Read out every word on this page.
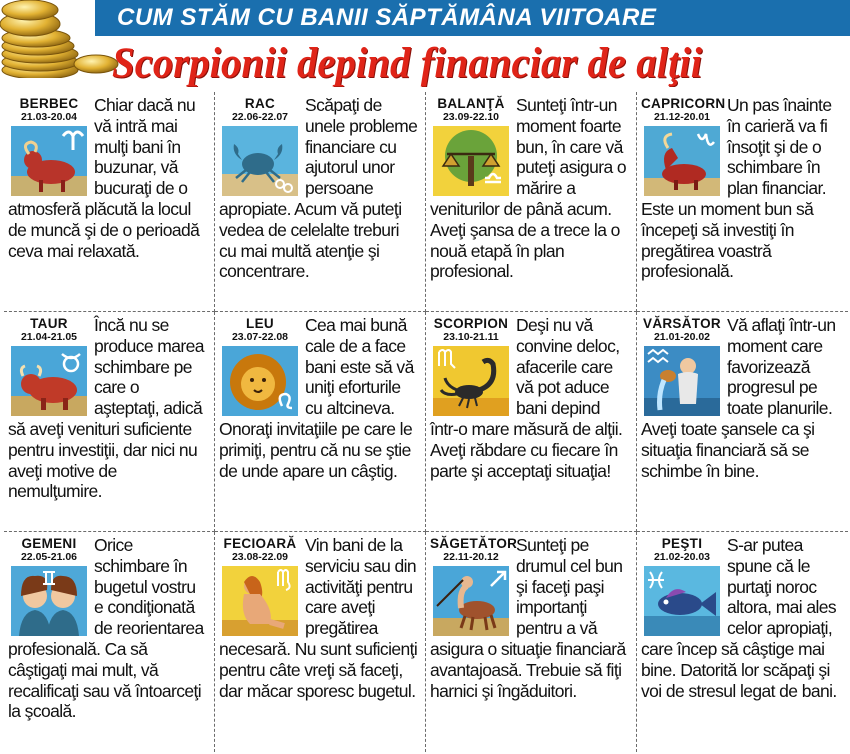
CUM STĂM CU BANII SĂPTĂMÂNA VIITOARE
Scorpionii depind financiar de alţii
BERBEC
21.03-20.04
Chiar dacă nu vă intră mai mulţi bani în buzunar, vă bucuraţi de o atmosferă plăcută la locul de muncă şi de o perioadă ceva mai relaxată.
RAC
22.06-22.07
Scăpaţi de unele probleme financiare cu ajutorul unor persoane apropiate. Acum vă puteţi vedea de celelalte treburi cu mai multă atenţie şi concentrare.
BALANŢĂ
23.09-22.10
Sunteţi într-un moment foarte bun, în care vă puteţi asigura o mărire a veniturilor de până acum. Aveţi şansa de a trece la o nouă etapă în plan profesional.
CAPRICORN
21.12-20.01
Un pas înainte în carieră va fi însoţit şi de o schimbare în plan financiar. Este un moment bun să începeţi să investiţi în pregătirea voastră profesională.
TAUR
21.04-21.05
Încă nu se produce marea schimbare pe care o aşteptaţi, adică să aveţi venituri suficiente pentru investiţii, dar nici nu aveţi motive de nemulţumire.
LEU
23.07-22.08
Cea mai bună cale de a face bani este să vă uniţi eforturile cu altcineva. Onoraţi invitaţiile pe care le primiţi, pentru că nu se ştie de unde apare un câştig.
SCORPION
23.10-21.11
Deşi nu vă convine deloc, afacerile care vă pot aduce bani depind într-o mare măsură de alţii. Aveţi răbdare cu fiecare în parte şi acceptaţi situaţia!
VĂRSĂTOR
21.01-20.02
Vă aflaţi într-un moment care favorizează progresul pe toate planurile. Aveţi toate şansele ca şi situaţia financiară să se schimbe în bine.
GEMENI
22.05-21.06
Orice schimbare în bugetul vostru e condiţionată de reorientarea profesională. Ca să câştigaţi mai mult, vă recalificaţi sau vă întoarceţi la şcoală.
FECIOARĂ
23.08-22.09
Vin bani de la serviciu sau din activităţi pentru care aveţi pregătirea necesară. Nu sunt suficienţi pentru câte vreţi să faceţi, dar măcar sporesc bugetul.
SĂGETĂTOR
22.11-20.12
Sunteţi pe drumul cel bun şi faceţi paşi importanţi pentru a vă asigura o situaţie financiară avantajoasă. Trebuie să fiţi harnici şi îngăduitori.
PEŞTI
21.02-20.03
S-ar putea spune că le purtaţi noroc altora, mai ales celor apropiaţi, care încep să câştige mai bine. Datorită lor scăpaţi şi voi de stresul legat de bani.
